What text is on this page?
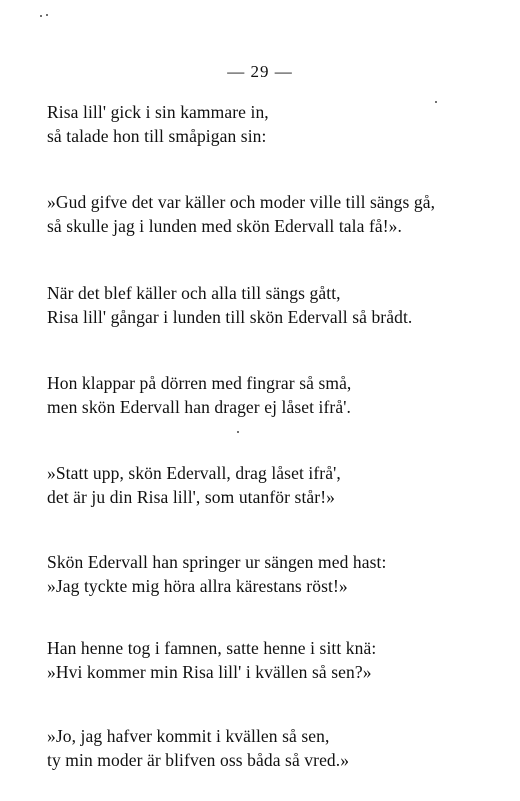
— 29 —
Risa lill' gick i sin kammare in,
så talade hon till småpigan sin:
»Gud gifve det var käller och moder ville till sängs gå,
så skulle jag i lunden med skön Edervall tala få!».
När det blef käller och alla till sängs gått,
Risa lill' gångar i lunden till skön Edervall så brådt.
Hon klappar på dörren med fingrar så små,
men skön Edervall han drager ej låset ifrå'.
»Statt upp, skön Edervall, drag låset ifrå',
det är ju din Risa lill', som utanför står!»
Skön Edervall han springer ur sängen med hast:
»Jag tyckte mig höra allra kärestans röst!»
Han henne tog i famnen, satte henne i sitt knä:
»Hvi kommer min Risa lill' i kvällen så sen?»
»Jo, jag hafver kommit i kvällen så sen,
ty min moder är blifven oss båda så vred.»
